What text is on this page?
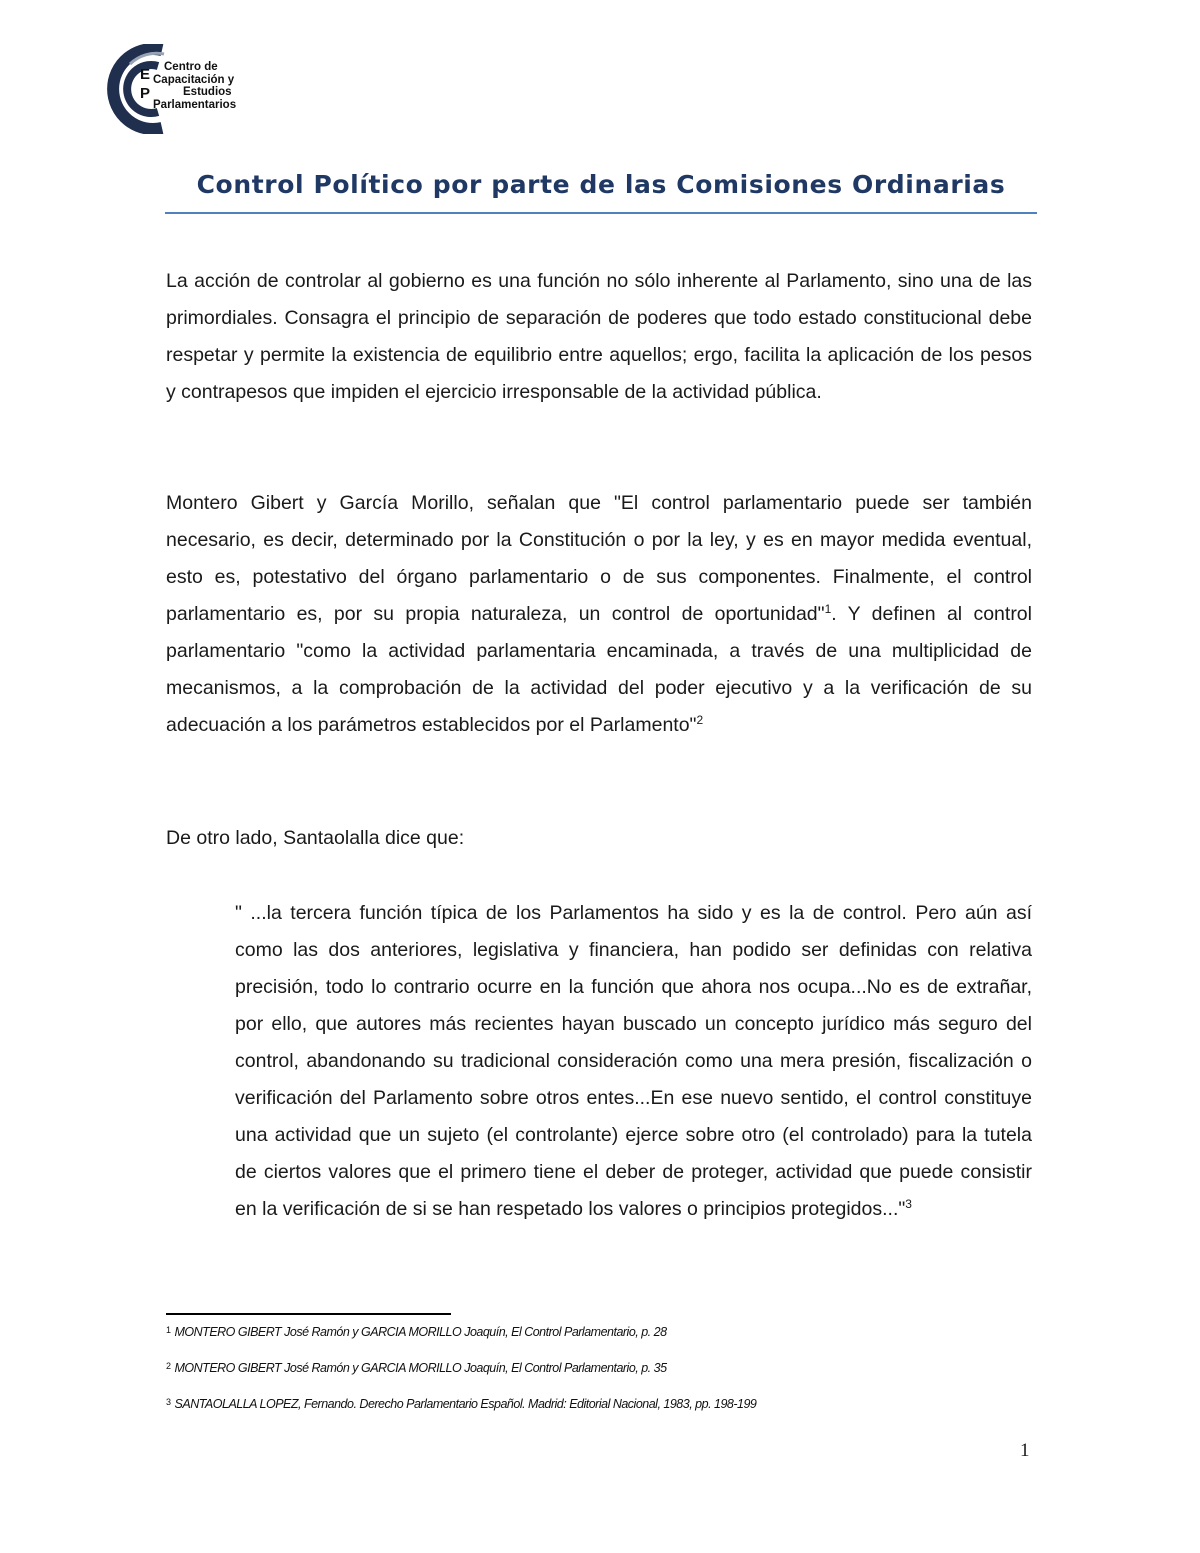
E
P
Centro de
Capacitación y
Estudios
Parlamentarios
Control Político por parte de las Comisiones Ordinarias

La acción de controlar al gobierno es una función no sólo inherente al Parlamento, sino una de las primordiales. Consagra el principio de separación de poderes que todo estado constitucional debe respetar y permite la existencia de equilibrio entre aquellos; ergo, facilita la aplicación de los pesos y contrapesos que impiden el ejercicio irresponsable de la actividad pública.

Montero Gibert y García Morillo, señalan que "El control parlamentario puede ser también necesario, es decir, determinado por la Constitución o por la ley, y es en mayor medida eventual, esto es, potestativo del órgano parlamentario o de sus componentes. Finalmente, el control parlamentario es, por su propia naturaleza, un control de oportunidad"$^1$. Y definen al control parlamentario "como la actividad parlamentaria encaminada, a través de una multiplicidad de mecanismos, a la comprobación de la actividad del poder ejecutivo y a la verificación de su adecuación a los parámetros establecidos por el Parlamento"$^2$

De otro lado, Santaolalla dice que:

" ...la tercera función típica de los Parlamentos ha sido y es la de control. Pero aún así como las dos anteriores, legislativa y financiera, han podido ser definidas con relativa precisión, todo lo contrario ocurre en la función que ahora nos ocupa...No es de extrañar, por ello, que autores más recientes hayan buscado un concepto jurídico más seguro del control, abandonando su tradicional consideración como una mera presión, fiscalización o verificación del Parlamento sobre otros entes...En ese nuevo sentido, el control constituye una actividad que un sujeto (el controlante) ejerce sobre otro (el controlado) para la tutela de ciertos valores que el primero tiene el deber de proteger, actividad que puede consistir en la verificación de si se han respetado los valores o principios protegidos..."$^3$

$^1$ MONTERO GIBERT José Ramón y GARCIA MORILLO Joaquín, El Control Parlamentario, p. 28
$^2$ MONTERO GIBERT José Ramón y GARCIA MORILLO Joaquín, El Control Parlamentario, p. 35
$^3$ SANTAOLALLA LOPEZ, Fernando. Derecho Parlamentario Español. Madrid: Editorial Nacional, 1983, pp. 198-199
1
